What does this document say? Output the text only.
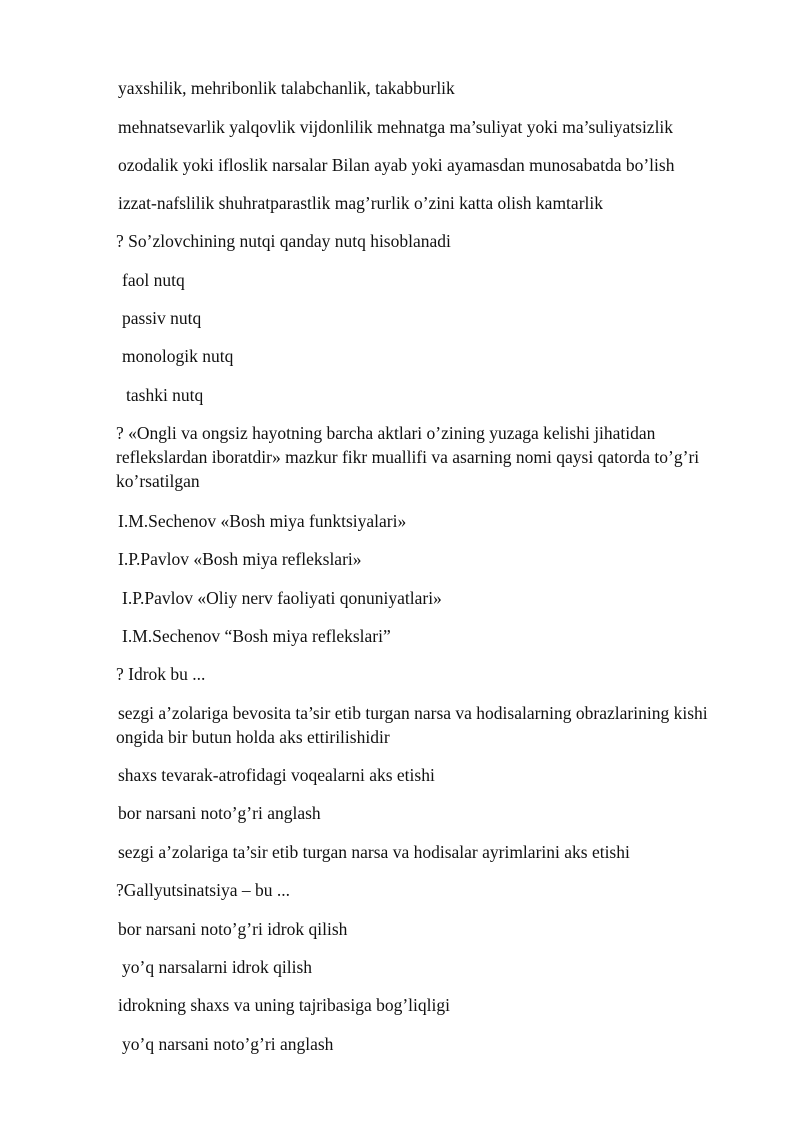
yaxshilik, mehribonlik talabchanlik, takabburlik
mehnatsevarlik yalqovlik vijdonlilik mehnatga ma’suliyat yoki ma’suliyatsizlik
ozodalik yoki ifloslik narsalar Bilan ayab yoki ayamasdan munosabatda bo’lish
izzat-nafslilik shuhratparastlik mag’rurlik o’zini katta olish kamtarlik
? So’zlovchining nutqi qanday nutq hisoblanadi
faol nutq
passiv nutq
monologik nutq
tashki nutq
? «Ongli va ongsiz hayotning barcha aktlari o’zining yuzaga kelishi jihatidan reflekslardan iboratdir» mazkur fikr muallifi va asarning nomi qaysi qatorda to’g’ri ko’rsatilgan
I.M.Sechenov «Bosh miya funktsiyalari»
I.P.Pavlov «Bosh miya reflekslari»
I.P.Pavlov «Oliy nerv faoliyati qonuniyatlari»
I.M.Sechenov “Bosh miya reflekslari”
? Idrok bu ...
sezgi a’zolariga bevosita ta’sir etib turgan narsa va hodisalarning obrazlarining kishi ongida bir butun holda aks ettirilishidir
shaxs tevarak-atrofidagi voqealarni aks etishi
bor narsani noto’g’ri anglash
sezgi a’zolariga ta’sir etib turgan narsa va hodisalar ayrimlarini aks etishi
?Gallyutsinatsiya – bu ...
bor narsani noto’g’ri idrok qilish
yo’q narsalarni idrok qilish
idrokning shaxs va uning tajribasiga bog’liqligi
yo’q narsani noto’g’ri anglash
